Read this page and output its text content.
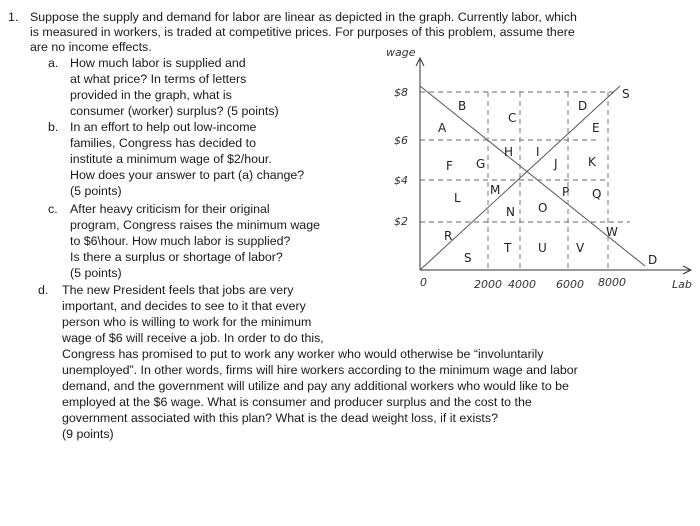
1. Suppose the supply and demand for labor are linear as depicted in the graph. Currently labor, which
is measured in workers, is traded at competitive prices. For purposes of this problem, assume there
are no income effects.
a. How much labor is supplied and
at what price? In terms of letters
provided in the graph, what is
consumer (worker) surplus? (5 points)
b. In an effort to help out low-income
families, Congress has decided to
institute a minimum wage of $2/hour.
How does your answer to part (a) change?
(5 points)
c. After heavy criticism for their original
program, Congress raises the minimum wage
to $6\hour. How much labor is supplied?
Is there a surplus or shortage of labor?
(5 points)
d. The new President feels that jobs are very
important, and decides to see to it that every
person who is willing to work for the minimum
wage of $6 will receive a job. In order to do this,
Congress has promised to put to work any worker who would otherwise be “involuntarily
unemployed”. In other words, firms will hire workers according to the minimum wage and labor
demand, and the government will utilize and pay any additional workers who would like to be
employed at the $6 wage. What is consumer and producer surplus and the cost to the
government associated with this plan? What is the dead weight loss, if it exists?
(9 points)
wage
Lab
0
$8
$6
$4
$2
2000 4000 6000 8000
S
D
A
B
C
D
E
F G
H I
J	K
L
M
N O
P Q
R
S
T U V
W
